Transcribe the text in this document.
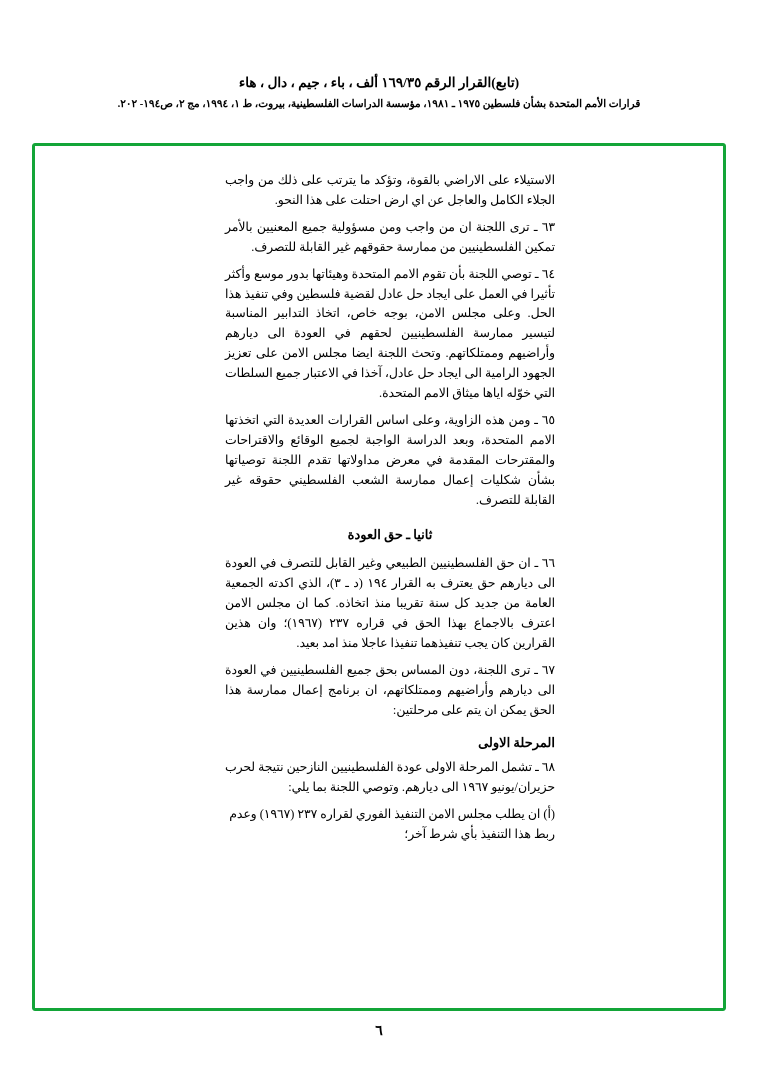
(تابع)القرار الرقم ١٦٩/٣٥ ألف ، باء ، جيم ، دال ، هاء
قرارات الأمم المتحدة بشأن فلسطين ١٩٧٥ ـ ١٩٨١، مؤسسة الدراسات الفلسطينية، بيروت، ط ١، ١٩٩٤، مج ٢، ص١٩٤- ٢٠٢.

الاستيلاء على الاراضي بالقوة، وتؤكد ما يترتب على ذلك من واجب الجلاء الكامل والعاجل عن اي ارض احتلت على هذا النحو.

٦٣ ـ ترى اللجنة ان من واجب ومن مسؤولية جميع المعنيين بالأمر تمكين الفلسطينيين من ممارسة حقوقهم غير القابلة للتصرف.

٦٤ ـ توصي اللجنة بأن تقوم الامم المتحدة وهيئاتها بدور موسع وأكثر تأثيرا في العمل على ايجاد حل عادل لقضية فلسطين وفي تنفيذ هذا الحل. وعلى مجلس الامن، بوجه خاص، اتخاذ التدابير المناسبة لتيسير ممارسة الفلسطينيين لحقهم في العودة الى ديارهم وأراضيهم وممتلكاتهم. وتحث اللجنة ايضا مجلس الامن على تعزيز الجهود الرامية الى ايجاد حل عادل، آخذا في الاعتبار جميع السلطات التي خوّله اياها ميثاق الامم المتحدة.

٦٥ ـ ومن هذه الزاوية، وعلى اساس القرارات العديدة التي اتخذتها الامم المتحدة، وبعد الدراسة الواجبة لجميع الوقائع والاقتراحات والمقترحات المقدمة في معرض مداولاتها تقدم اللجنة توصياتها بشأن شكليات إعمال ممارسة الشعب الفلسطيني حقوقه غير القابلة للتصرف.

ثانيا ـ حق العودة

٦٦ ـ ان حق الفلسطينيين الطبيعي وغير القابل للتصرف في العودة الى ديارهم حق يعترف به القرار ١٩٤ (د ـ ٣)، الذي اكدته الجمعية العامة من جديد كل سنة تقريبا منذ اتخاذه. كما ان مجلس الامن اعترف بالاجماع بهذا الحق في قراره ٢٣٧ (١٩٦٧)؛ وان هذين القرارين كان يجب تنفيذهما تنفيذا عاجلا منذ امد بعيد.

٦٧ ـ ترى اللجنة، دون المساس بحق جميع الفلسطينيين في العودة الى ديارهم وأراضيهم وممتلكاتهم، ان برنامج إعمال ممارسة هذا الحق يمكن ان يتم على مرحلتين:

المرحلة الاولى

٦٨ ـ تشمل المرحلة الاولى عودة الفلسطينيين النازحين نتيجة لحرب حزيران/يونيو ١٩٦٧ الى ديارهم. وتوصي اللجنة بما يلي:

(أ) ان يطلب مجلس الامن التنفيذ الفوري لقراره ٢٣٧ (١٩٦٧) وعدم ربط هذا التنفيذ بأي شرط آخر؛

٦
